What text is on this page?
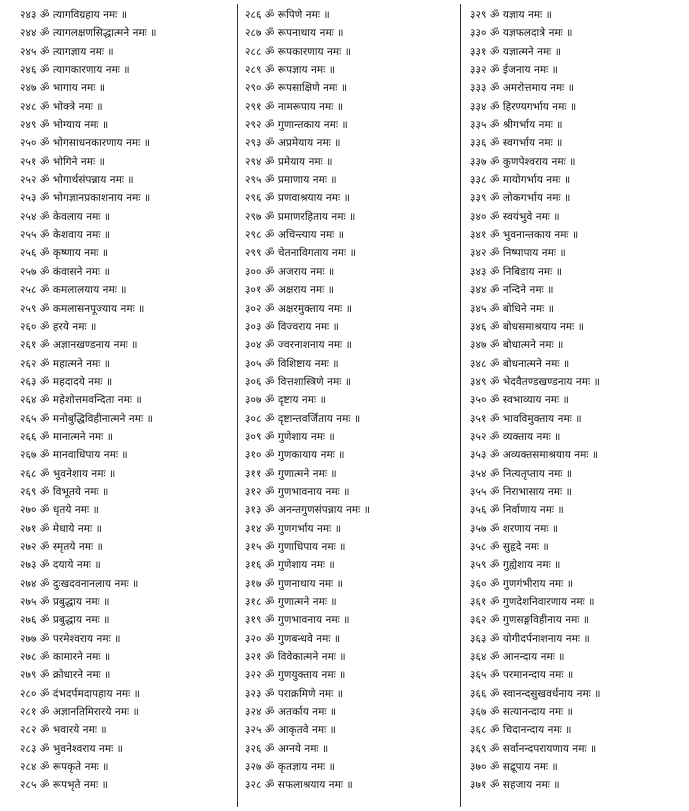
२४३ ॐ त्यागविग्रहाय नमः ॥
२४४ ॐ त्यागलक्षणसिद्धात्मने नमः ॥
२४५ ॐ त्यागज्ञाय नमः ॥
२४६ ॐ त्यागकारणाय नमः ॥
२४७ ॐ भागाय नमः ॥
२४८ ॐ भोक्त्रे नमः ॥
२४९ ॐ भोग्याय नमः ॥
२५० ॐ भोगसाधनकारणाय नमः ॥
२५१ ॐ भोगिने नमः ॥
२५२ ॐ भोगार्थसंपन्नाय नमः ॥
२५३ ॐ भोगज्ञानप्रकाशनाय नमः ॥
२५४ ॐ केवलाय नमः ॥
२५५ ॐ केशवाय नमः ॥
२५६ ॐ कृष्णाय नमः ॥
२५७ ॐ कंवासने नमः ॥
२५८ ॐ कमलालयाय नमः ॥
२५९ ॐ कमलासनपूज्याय नमः ॥
२६० ॐ हरये नमः ॥
२६१ ॐ अज्ञानखण्डनाय नमः ॥
२६२ ॐ महात्मने नमः ॥
२६३ ॐ महदादये नमः ॥
२६४ ॐ महेशोत्तमवन्दिता नमः ॥
२६५ ॐ मनोबुद्धिविहीनात्मने नमः ॥
२६६ ॐ मानात्मने नमः ॥
२६७ ॐ मानवाधिपाय नमः ॥
२६८ ॐ भुवनेशाय नमः ॥
२६९ ॐ विभूतये नमः ॥
२७० ॐ धृतये नमः ॥
२७१ ॐ मेधाये नमः ॥
२७२ ॐ स्मृतये नमः ॥
२७३ ॐ दयाये नमः ॥
२७४ ॐ दुःखदवनानलाय नमः ॥
२७५ ॐ प्रबुद्धाय नमः ॥
२७६ ॐ प्रबुद्धाय नमः ॥
२७७ ॐ परमेश्वराय नमः ॥
२७८ ॐ कामारने नमः ॥
२७९ ॐ क्रोधारने नमः ॥
२८० ॐ दंभदर्पमदापहाय नमः ॥
२८१ ॐ अज्ञानतिमिरारये नमः ॥
२८२ ॐ भवारये नमः ॥
२८३ ॐ भुवनेश्वराय नमः ॥
२८४ ॐ रूपकृते नमः ॥
२८५ ॐ रूपभृते नमः ॥
२८६ ॐ रूपिणे नमः ॥
२८७ ॐ रूपनाथाय नमः ॥
२८८ ॐ रूपकारणाय नमः ॥
२८९ ॐ रूपज्ञाय नमः ॥
२९० ॐ रूपसाक्षिणे नमः ॥
२९१ ॐ नामरूपाय नमः ॥
२९२ ॐ गुणान्तकाय नमः ॥
२९३ ॐ अप्रमेयाय नमः ॥
२९४ ॐ प्रमेयाय नमः ॥
२९५ ॐ प्रमाणाय नमः ॥
२९६ ॐ प्रणवाश्रयाय नमः ॥
२९७ ॐ प्रमाणरहिताय नमः ॥
२९८ ॐ अचिन्त्याय नमः ॥
२९९ ॐ चेतनाविगताय नमः ॥
३०० ॐ अजराय नमः ॥
३०१ ॐ अक्षराय नमः ॥
३०२ ॐ अक्षरमुक्ताय नमः ॥
३०३ ॐ विज्वराय नमः ॥
३०४ ॐ ज्वरनाशनाय नमः ॥
३०५ ॐ विशिष्टाय नमः ॥
३०६ ॐ वित्तशास्त्रिणे नमः ॥
३०७ ॐ दृष्टाय नमः ॥
३०८ ॐ दृष्टान्तवर्जिताय नमः ॥
३०९ ॐ गुणेशाय नमः ॥
३१० ॐ गुणकायाय नमः ॥
३११ ॐ गुणात्मने नमः ॥
३१२ ॐ गुणभावनाय नमः ॥
३१३ ॐ अनन्तगुणसंपन्नाय नमः ॥
३१४ ॐ गुणगर्भाय नमः ॥
३१५ ॐ गुणाधिपाय नमः ॥
३१६ ॐ गुणेशाय नमः ॥
३१७ ॐ गुणनाथाय नमः ॥
३१८ ॐ गुणात्मने नमः ॥
३१९ ॐ गुणभावनाय नमः ॥
३२० ॐ गुणबन्धवे नमः ॥
३२१ ॐ विवेकात्मने नमः ॥
३२२ ॐ गुणयुक्ताय नमः ॥
३२३ ॐ पराक्रमिणे नमः ॥
३२४ ॐ अतर्काय नमः ॥
३२५ ॐ आकृतवे नमः ॥
३२६ ॐ अग्नये नमः ॥
३२७ ॐ कृतज्ञाय नमः ॥
३२८ ॐ सफलाश्रयाय नमः ॥
३२९ ॐ यज्ञाय नमः ॥
३३० ॐ यज्ञफलदात्रे नमः ॥
३३१ ॐ यज्ञात्मने नमः ॥
३३२ ॐ ईजनाय नमः ॥
३३३ ॐ अमरोत्तमाय नमः ॥
३३४ ॐ हिरण्यगर्भाय नमः ॥
३३५ ॐ श्रीगर्भाय नमः ॥
३३६ ॐ स्वगर्भाय नमः ॥
३३७ ॐ कुणपेश्वराय नमः ॥
३३८ ॐ मायोगर्भाय नमः ॥
३३९ ॐ लोकगर्भाय नमः ॥
३४० ॐ स्वयंभुवे नमः ॥
३४१ ॐ भुवनान्तकाय नमः ॥
३४२ ॐ निष्पापाय नमः ॥
३४३ ॐ निबिडाय नमः ॥
३४४ ॐ नन्दिने नमः ॥
३४५ ॐ बोधिने नमः ॥
३४६ ॐ बोधसमाश्रयाय नमः ॥
३४७ ॐ बोधात्मने नमः ॥
३४८ ॐ बोधनात्मने नमः ॥
३४९ ॐ भेदवैतण्डखण्डनाय नमः ॥
३५० ॐ स्वभाव्याय नमः ॥
३५१ ॐ भावविमुक्ताय नमः ॥
३५२ ॐ व्यक्ताय नमः ॥
३५३ ॐ अव्यक्तसमाश्रयाय नमः ॥
३५४ ॐ नित्यतृप्ताय नमः ॥
३५५ ॐ निराभासाय नमः ॥
३५६ ॐ निर्वाणाय नमः ॥
३५७ ॐ शरणाय नमः ॥
३५८ ॐ सुहृदे नमः ॥
३५९ ॐ गुह्येशाय नमः ॥
३६० ॐ गुणगंभीराय नमः ॥
३६१ ॐ गुणदेशनिवारणाय नमः ॥
३६२ ॐ गुणसङ्गविहीनाय नमः ॥
३६३ ॐ योगीदर्पनाशनाय नमः ॥
३६४ ॐ आनन्दाय नमः ॥
३६५ ॐ परमानन्दाय नमः ॥
३६६ ॐ स्वानन्दसुखवर्धनाय नमः ॥
३६७ ॐ सत्यानन्दाय नमः ॥
३६८ ॐ चिदानन्दाय नमः ॥
३६९ ॐ सर्वानन्दपरायणाय नमः ॥
३७० ॐ सद्रूपाय नमः ॥
३७१ ॐ सहजाय नमः ॥
